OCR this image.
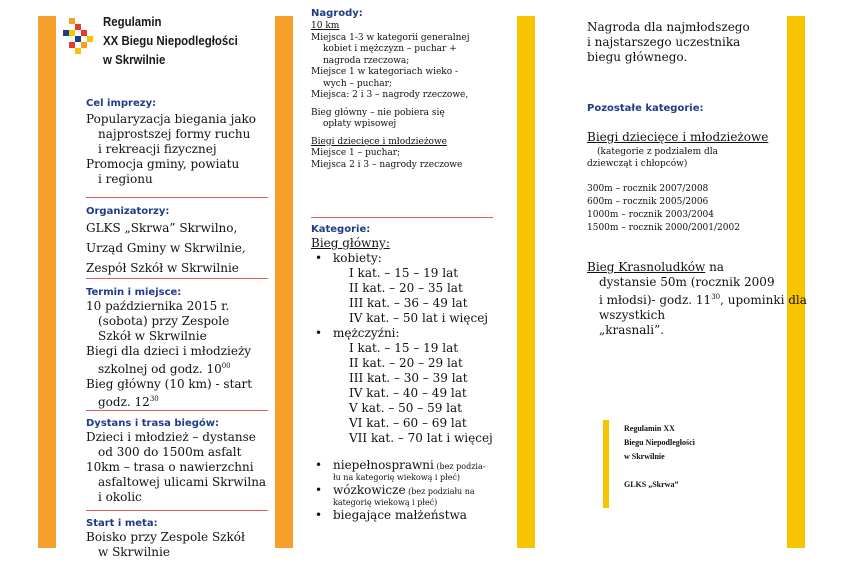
Regulamin
XX Biegu Niepodległości
w Skrwilnie
Cel imprezy:
Popularyzacja biegania jako
najprostszej formy ruchu
i rekreacji fizycznej
Promocja gminy, powiatu
i regionu
Organizatorzy:
GLKS „Skrwa” Skrwilno,
Urząd Gminy w Skrwilnie,
Zespół Szkół w Skrwilnie
Termin i miejsce:
10 października 2015 r.
(sobota) przy Zespole
Szkół w Skrwilnie
Biegi dla dzieci i młodzieży
szkolnej od godz. $10^{00}$
Bieg główny (10 km) - start
godz. $12^{30}$
Dystans i trasa biegów:
Dzieci i młodzież – dystanse
od 300 do 1500m asfalt
10km – trasa o nawierzchni
asfaltowej ulicami Skrwilna
i okolic
Start i meta:
Boisko przy Zespole Szkół
w Skrwilnie
Nagrody:
10 km
Miejsca 1-3 w kategorii generalnej
kobiet i mężczyzn – puchar +
nagroda rzeczowa;
Miejsce 1 w kategoriach wieko -
wych – puchar;
Miejsca: 2 i 3 – nagrody rzeczowe,
Bieg główny – nie pobiera się
opłaty wpisowej
Biegi dziecięce i młodzieżowe
Miejsce 1 – puchar;
Miejsca 2 i 3 – nagrody rzeczowe
Kategorie:
Bieg główny:
• kobiety:
I kat. – 15 – 19 lat
II kat. – 20 – 35 lat
III kat. – 36 – 49 lat
IV kat. – 50 lat i więcej
• mężczyźni:
I kat. – 15 – 19 lat
II kat. – 20 – 29 lat
III kat. – 30 – 39 lat
IV kat. – 40 – 49 lat
V kat. – 50 – 59 lat
VI kat. – 60 – 69 lat
VII kat. – 70 lat i więcej
• niepełnosprawni (bez podzia-
łu na kategorię wiekową i płeć)
• wózkowicze (bez podziału na
kategorię wiekową i płeć)
• biegające małżeństwa
Nagroda dla najmłodszego
i najstarszego uczestnika
biegu głównego.
Pozostałe kategorie:
Biegi dziecięce i młodzieżowe
(kategorie z podziałem dla
dziewcząt i chłopców)
300m – rocznik 2007/2008
600m – rocznik 2005/2006
1000m – rocznik 2003/2004
1500m – rocznik 2000/2001/2002
Bieg Krasnoludków na
dystansie 50m (rocznik 2009
i młodsi)- godz. $11^{30}$, upominki dla wszystkich
„krasnali”.
Regulamin XX
Biegu Niepodległości
w Skrwilnie
GLKS „Skrwa”
